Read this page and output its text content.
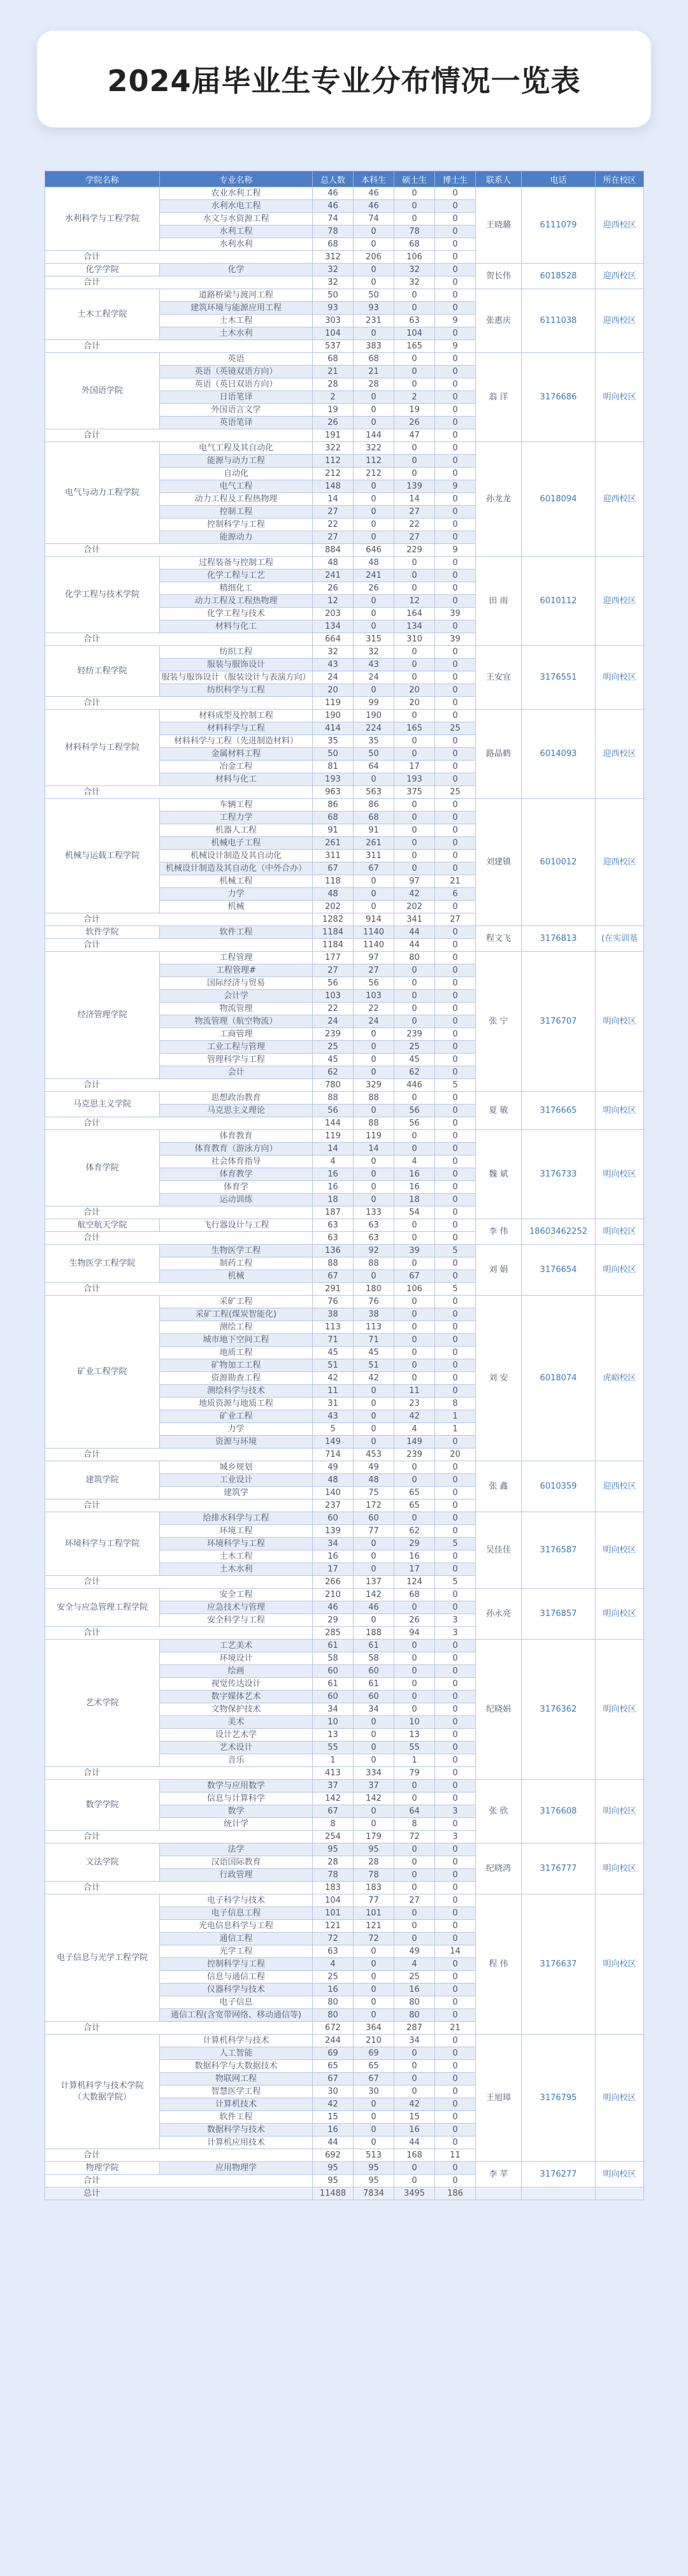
2024届毕业生专业分布情况一览表
学院名称	专业名称	总人数	本科生	硕士生	博士生	联系人	电话	所在校区
水利科学与工程学院	农业水利工程	46	46	0	0	王晓璐	6111079	迎西校区
	水利水电工程	46	46	0	0			
	水文与水资源工程	74	74	0	0			
	水利工程	78	0	78	0			
	水利水利	68	0	68	0			
合计		312	206	106	0			
化学学院	化学	32	0	32	0	贺长伟	6018528	迎西校区
合计		32	0	32	0			
土木工程学院	道路桥梁与渡河工程	50	50	0	0	张惠庆	6111038	迎西校区
	建筑环境与能源应用工程	93	93	0	0			
	土木工程	303	231	63	9			
	土木水利	104	0	104	0			
合计		537	383	165	9			
外国语学院	英语	68	68	0	0	翁 洋	3176686	明向校区
	英语（英镜双语方向）	21	21	0	0			
	英语（英日双语方向）	28	28	0	0			
	日语笔译	2	0	2	0			
	外国语言文学	19	0	19	0			
	英语笔译	26	0	26	0			
合计		191	144	47	0			
电气与动力工程学院	电气工程及其自动化	322	322	0	0	孙龙龙	6018094	迎西校区
	能源与动力工程	112	112	0	0			
	自动化	212	212	0	0			
	电气工程	148	0	139	9			
	动力工程及工程热物理	14	0	14	0			
	控制工程	27	0	27	0			
	控制科学与工程	22	0	22	0			
	能源动力	27	0	27	0			
合计		884	646	229	9			
化学工程与技术学院	过程装备与控制工程	48	48	0	0	田 雨	6010112	迎西校区
	化学工程与工艺	241	241	0	0			
	精细化工	26	26	0	0			
	动力工程及工程热物理	12	0	12	0			
	化学工程与技术	203	0	164	39			
	材料与化工	134	0	134	0			
合计		664	315	310	39			
轻纺工程学院	纺织工程	32	32	0	0	王安宜	3176551	明向校区
	服装与服饰设计	43	43	0	0			
	服装与服饰设计（服装设计与表演方向）	24	24	0	0			
	纺织科学与工程	20	0	20	0			
合计		119	99	20	0			
材料科学与工程学院	材料成型及控制工程	190	190	0	0	路晶鹤	6014093	迎西校区
	材料科学与工程	414	224	165	25			
	材料科学与工程（先进制造材料）	35	35	0	0			
	金属材料工程	50	50	0	0			
	冶金工程	81	64	17	0			
	材料与化工	193	0	193	0			
合计		963	563	375	25			
机械与运载工程学院	车辆工程	86	86	0	0	刘建镇	6010012	迎西校区
	工程力学	68	68	0	0			
	机器人工程	91	91	0	0			
	机械电子工程	261	261	0	0			
	机械设计制造及其自动化	311	311	0	0			
	机械设计制造及其自动化（中外合办）	67	67	0	0			
	机械工程	118	0	97	21			
	力学	48	0	42	6			
	机械	202	0	202	0			
合计		1282	914	341	27			
软件学院	软件工程	1184	1140	44	0	程文飞	3176813	(在实训基
合计		1184	1140	44	0			
经济管理学院	工程管理	177	97	80	0	张 宁	3176707	明向校区
	工程管理#	27	27	0	0			
	国际经济与贸易	56	56	0	0			
	会计学	103	103	0	0			
	物流管理	22	22	0	0			
	物流管理（航空物流）	24	24	0	0			
	工商管理	239	0	239	0			
	工业工程与管理	25	0	25	0			
	管理科学与工程	45	0	45	0			
	会计	62	0	62	0			
合计		780	329	446	5			
马克思主义学院	思想政治教育	88	88	0	0	夏 敏	3176665	明向校区
	马克思主义理论	56	0	56	0			
合计		144	88	56	0			
体育学院	体育教育	119	119	0	0	魏 斌	3176733	明向校区
	体育教育（游泳方向）	14	14	0	0			
	社会体育指导	4	0	4	0			
	体育教学	16	0	16	0			
	体育学	16	0	16	0			
	运动训练	18	0	18	0			
合计		187	133	54	0			
航空航天学院	飞行器设计与工程	63	63	0	0	李 伟	18603462252	明向校区
合计		63	63	0	0			
生物医学工程学院	生物医学工程	136	92	39	5	刘 娟	3176654	明向校区
	制药工程	88	88	0	0			
	机械	67	0	67	0			
合计		291	180	106	5			
矿业工程学院	采矿工程	76	76	0	0	刘 安	6018074	虎峪校区
	采矿工程(煤炭智能化)	38	38	0	0			
	测绘工程	113	113	0	0			
	城市地下空间工程	71	71	0	0			
	地质工程	45	45	0	0			
	矿物加工工程	51	51	0	0			
	资源勘查工程	42	42	0	0			
	测绘科学与技术	11	0	11	0			
	地质资源与地质工程	31	0	23	8			
	矿业工程	43	0	42	1			
	力学	5	0	4	1			
	资源与环境	149	0	149	0			
合计		714	453	239	20			
建筑学院	城乡规划	49	49	0	0	张 鑫	6010359	迎西校区
	工业设计	48	48	0	0			
	建筑学	140	75	65	0			
合计		237	172	65	0			
环境科学与工程学院	给排水科学与工程	60	60	0	0	吴佳佳	3176587	明向校区
	环境工程	139	77	62	0			
	环境科学与工程	34	0	29	5			
	土木工程	16	0	16	0			
	土木水利	17	0	17	0			
合计		266	137	124	5			
安全与应急管理工程学院	安全工程	210	142	68	0	孙永亮	3176857	明向校区
	应急技术与管理	46	46	0	0			
	安全科学与工程	29	0	26	3			
合计		285	188	94	3			
艺术学院	工艺美术	61	61	0	0	纪晓娟	3176362	明向校区
	环境设计	58	58	0	0			
	绘画	60	60	0	0			
	视觉传达设计	61	61	0	0			
	数字媒体艺术	60	60	0	0			
	文物保护技术	34	34	0	0			
	美术	10	0	10	0			
	设计艺术学	13	0	13	0			
	艺术设计	55	0	55	0			
	音乐	1	0	1	0			
合计		413	334	79	0			
数学学院	数学与应用数学	37	37	0	0	张 欣	3176608	明向校区
	信息与计算科学	142	142	0	0			
	数学	67	0	64	3			
	统计学	8	0	8	0			
合计		254	179	72	3			
文法学院	法学	95	95	0	0	纪晓鸿	3176777	明向校区
	汉语国际教育	28	28	0	0			
	行政管理	78	78	0	0			
合计		183	183	0	0			
电子信息与光学工程学院	电子科学与技术	104	77	27	0	程 伟	3176637	明向校区
	电子信息工程	101	101	0	0			
	光电信息科学与工程	121	121	0	0			
	通信工程	72	72	0	0			
	光学工程	63	0	49	14			
	控制科学与工程	4	0	4	0			
	信息与通信工程	25	0	25	0			
	仪器科学与技术	16	0	16	0			
	电子信息	80	0	80	0			
	通信工程(含宽带网络、移动通信等)	80	0	80	0			
合计		672	364	287	21			
计算机科学与技术学院
（大数据学院）	计算机科学与技术	244	210	34	0	王旭璋	3176795	明向校区
	人工智能	69	69	0	0			
	数据科学与大数据技术	65	65	0	0			
	物联网工程	67	67	0	0			
	智慧医学工程	30	30	0	0			
	计算机技术	42	0	42	0			
	软件工程	15	0	15	0			
	数据科学与技术	16	0	16	0			
	计算机应用技术	44	0	44	0			
合计		692	513	168	11			
物理学院	应用物理学	95	95	0	0	李 苹	3176277	明向校区
合计		95	95	0	0			
总计		11488	7834	3495	186			
